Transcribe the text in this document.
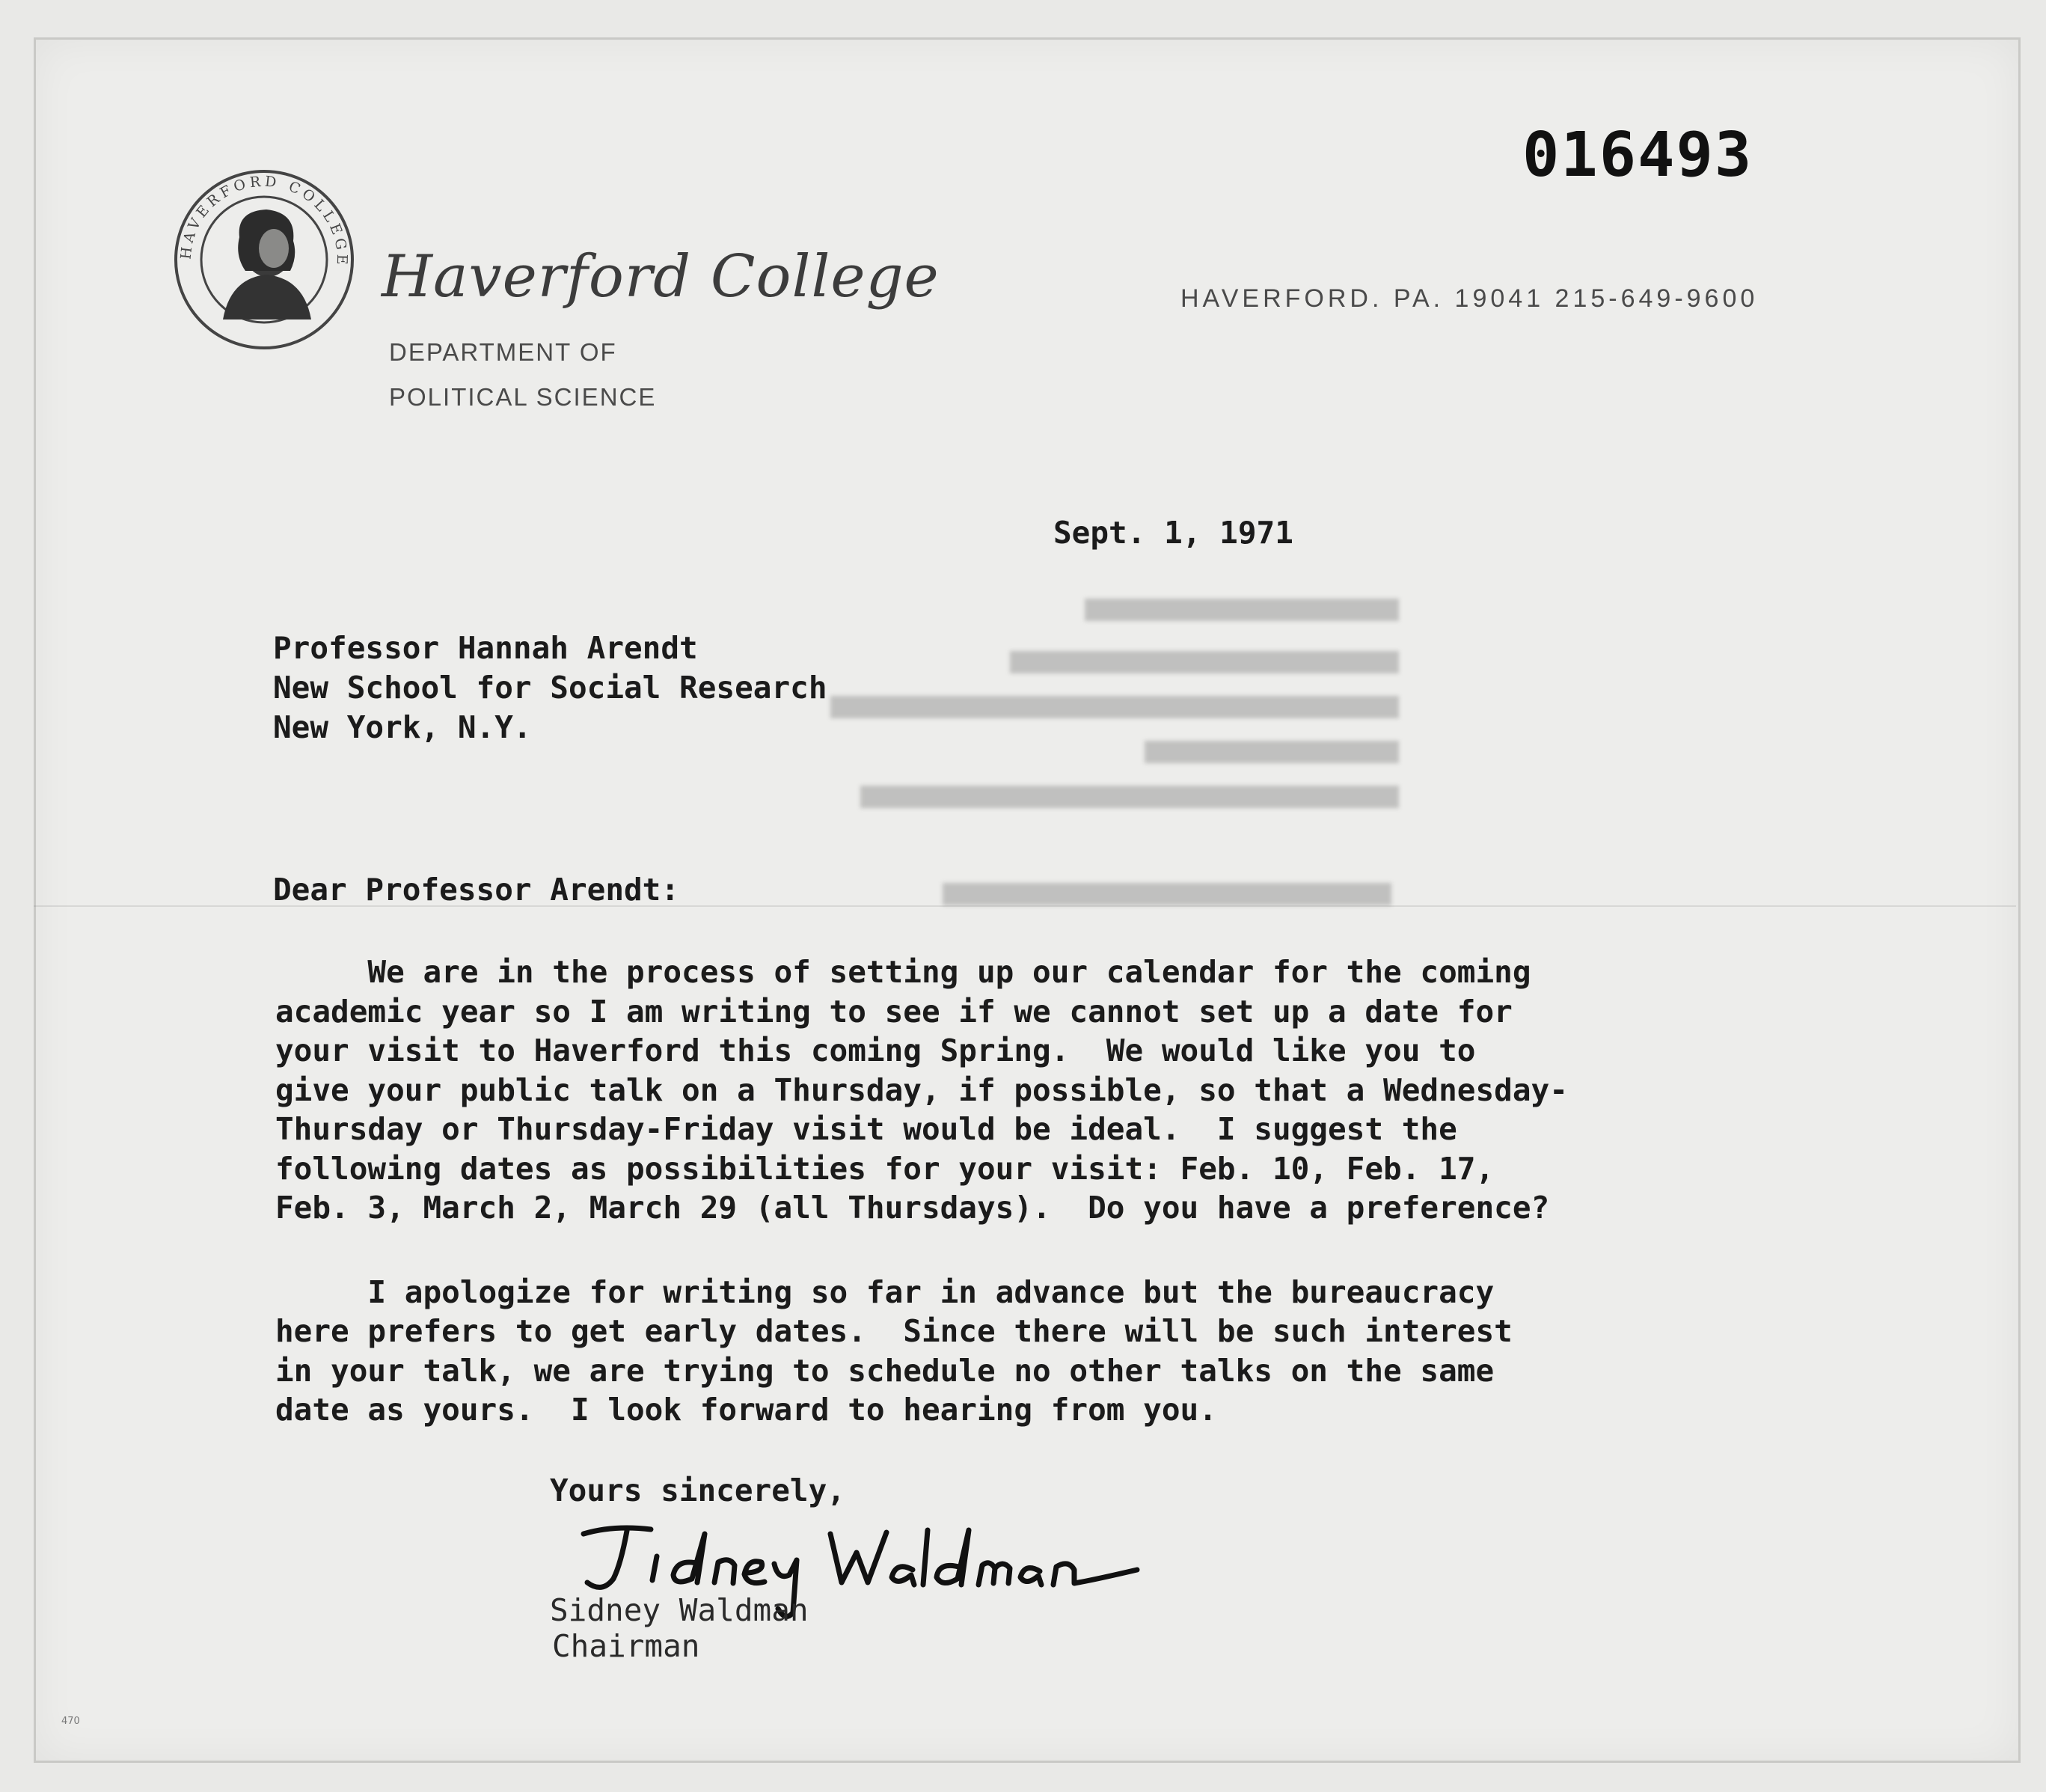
016493
HAVERFORD COLLEGE Haverford College
DEPARTMENT OF
POLITICAL SCIENCE
HAVERFORD. PA. 19041 215-649-9600
Sept. 1, 1971
Professor Hannah Arendt
New School for Social Research
New York, N.Y.
Dear Professor Arendt:
We are in the process of setting up our calendar for the coming
academic year so I am writing to see if we cannot set up a date for
your visit to Haverford this coming Spring.  We would like you to
give your public talk on a Thursday, if possible, so that a Wednesday-
Thursday or Thursday-Friday visit would be ideal.  I suggest the
following dates as possibilities for your visit: Feb. 10, Feb. 17,
Feb. 3, March 2, March 29 (all Thursdays).  Do you have a preference?
I apologize for writing so far in advance but the bureaucracy
here prefers to get early dates.  Since there will be such interest
in your talk, we are trying to schedule no other talks on the same
date as yours.  I look forward to hearing from you.
Yours sincerely,
Sidney Waldman
Chairman
470
